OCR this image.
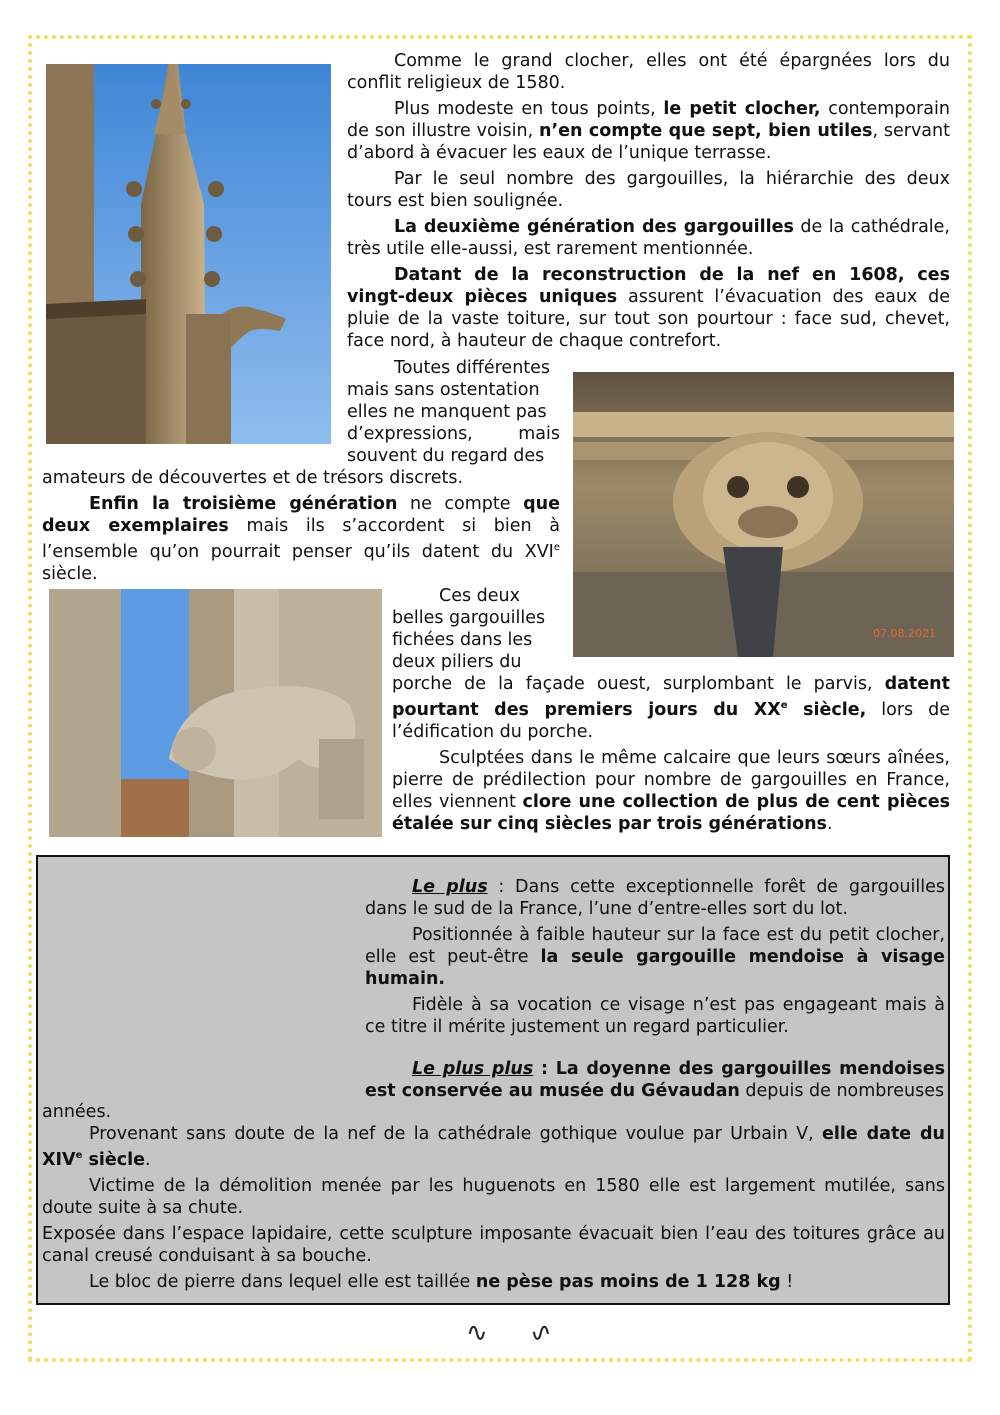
07.08.2021

Comme le grand clocher, elles ont été épargnées lors du conflit religieux de 1580.

Plus modeste en tous points, le petit clocher, contemporain de son illustre voisin, n’en compte que sept, bien utiles, servant d’abord à évacuer les eaux de l’unique terrasse.

Par le seul nombre des gargouilles, la hiérarchie des deux tours est bien soulignée.

La deuxième génération des gargouilles de la cathédrale, très utile elle-aussi, est rarement mentionnée.

Datant de la reconstruction de la nef en 1608, ces vingt-deux pièces uniques assurent l’évacuation des eaux de pluie de la vaste toiture, sur tout son pourtour : face sud, chevet, face nord, à hauteur de chaque contrefort.

Toutes différentes
mais sans ostentation
elles ne manquent pas
d’expressions,	mais
souvent du regard des
amateurs de découvertes et de trésors discrets.

Enfin la troisième génération ne compte que deux exemplaires mais ils s’accordent si bien à l’ensemble qu’on pourrait penser qu’ils datent du XVIe siècle.

Ces deux
belles gargouilles
fichées dans les
deux piliers du

porche de la façade ouest, surplombant le parvis, datent pourtant des premiers jours du XXe siècle, lors de l’édification du porche.

Sculptées dans le même calcaire que leurs sœurs aînées, pierre de prédilection pour nombre de gargouilles en France, elles viennent clore une collection de plus de cent pièces étalée sur cinq siècles par trois générations.

Le plus : Dans cette exceptionnelle forêt de gargouilles dans le sud de la France, l’une d’entre-elles sort du lot.

Positionnée à faible hauteur sur la face est du petit clocher, elle est peut-être la seule gargouille mendoise à visage humain.

Fidèle à sa vocation ce visage n’est pas engageant mais à ce titre il mérite justement un regard particulier.

Le plus plus : La doyenne des gargouilles mendoises est conservée au musée du Gévaudan depuis de nombreuses

années.

Provenant sans doute de la nef de la cathédrale gothique voulue par Urbain V, elle date du XIVe siècle.

Victime de la démolition menée par les huguenots en 1580 elle est largement mutilée, sans doute suite à sa chute.

Exposée dans l’espace lapidaire, cette sculpture imposante évacuait bien l’eau des toitures grâce au canal creusé conduisant à sa bouche.

Le bloc de pierre dans lequel elle est taillée ne pèse pas moins de 1 128 kg !

∿ ∿
